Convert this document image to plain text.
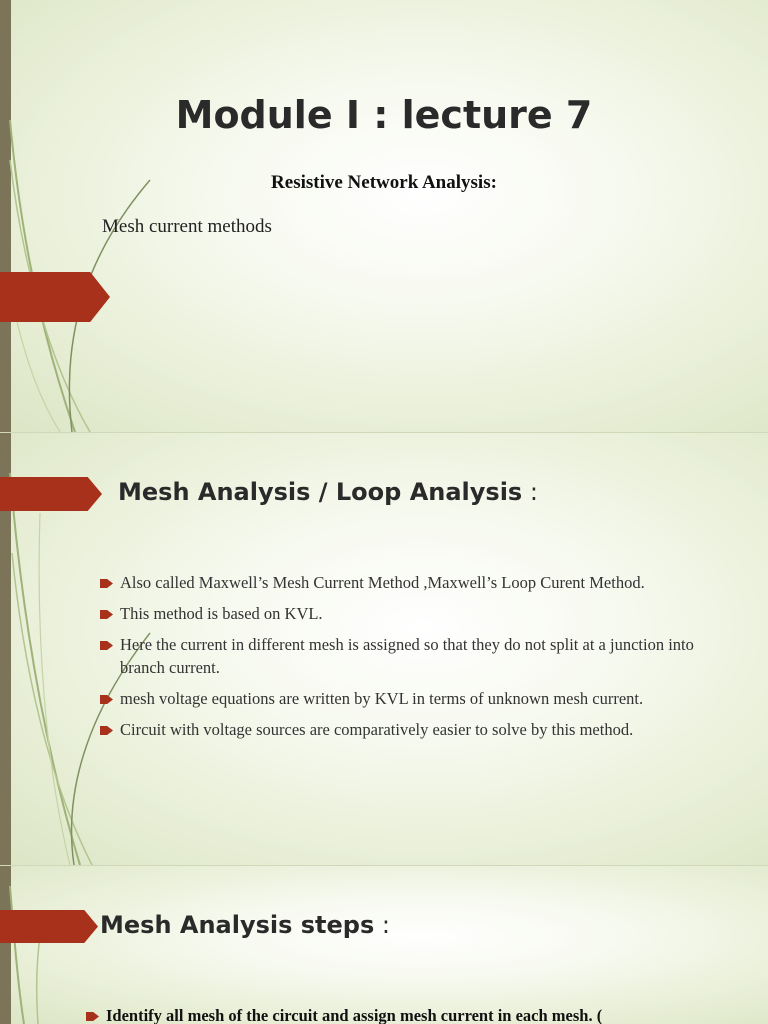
Module I : lecture 7
Resistive Network Analysis:
Mesh current methods
Mesh Analysis / Loop Analysis :
Also called Maxwell’s Mesh Current Method ,Maxwell’s Loop Curent Method.
This method is based on KVL.
Here the current in different mesh is assigned so that they do not split at a junction into branch current.
mesh voltage equations are written by KVL in terms of unknown mesh current.
Circuit with voltage sources are comparatively easier to solve by this method.
Mesh Analysis steps :
Identify all mesh of the circuit and assign mesh current in each mesh. (
